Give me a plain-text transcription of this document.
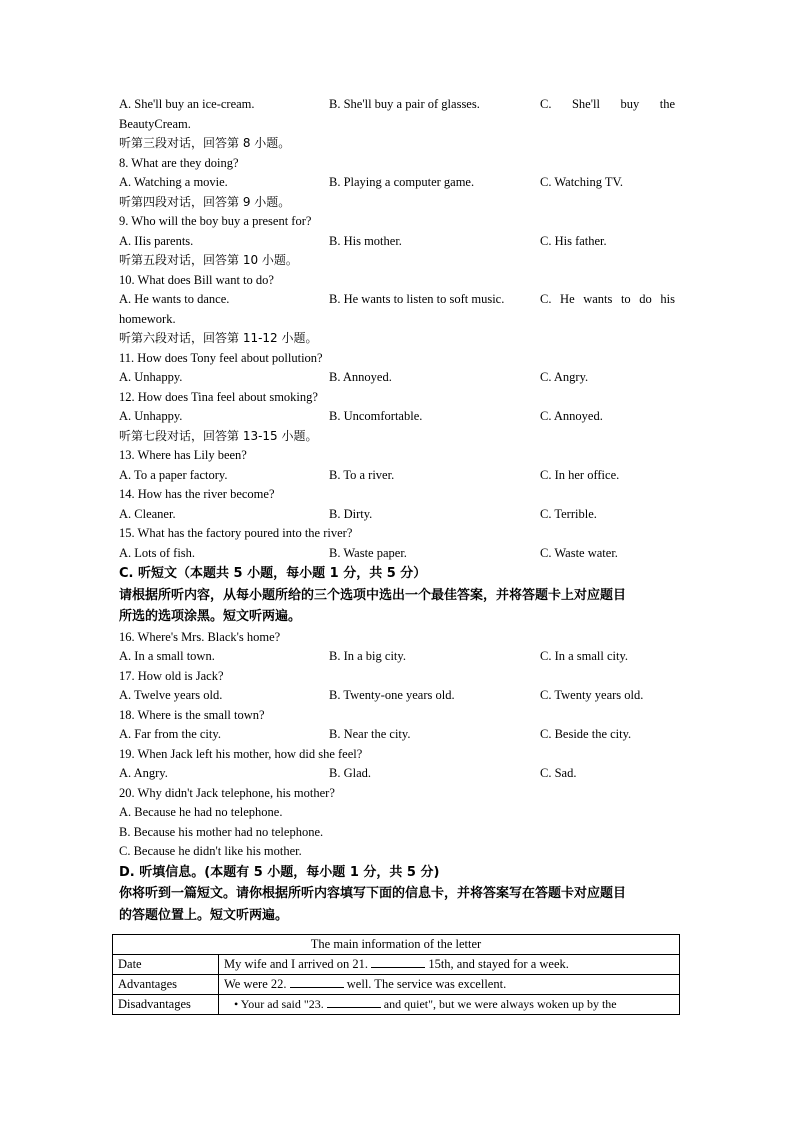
A. She'll buy an ice-cream.	B. She'll buy a pair of glasses.	C. She'll buy the
BeautyCream.
听第三段对话，回答第 8 小题。
8. What are they doing?
A. Watching a movie.	B. Playing a computer game.	C. Watching TV.
听第四段对话，回答第 9 小题。
9. Who will the boy buy a present for?
A. IIis parents.	B. His mother.	C. His father.
听第五段对话，回答第 10 小题。
10. What does Bill want to do?
A. He wants to dance.	B. He wants to listen to soft music.	C. He wants to do his
homework.
听第六段对话，回答第 11-12 小题。
11. How does Tony feel about pollution?
A. Unhappy.	B. Annoyed.	C. Angry.
12. How does Tina feel about smoking?
A. Unhappy.	B. Uncomfortable.	C. Annoyed.
听第七段对话，回答第 13-15 小题。
13. Where has Lily been?
A. To a paper factory.	B. To a river.	C. In her office.
14. How has the river become?
A. Cleaner.	B. Dirty.	C. Terrible.
15. What has the factory poured into the river?
A. Lots of fish.	B. Waste paper.	C. Waste water.
C. 听短文（本题共 5 小题，每小题 1 分，共 5 分）
请根据所听内容，从每小题所给的三个选项中选出一个最佳答案，并将答题卡上对应题目
所选的选项涂黑。短文听两遍。
16. Where's Mrs. Black's home?
A. In a small town.	B. In a big city.	C. In a small city.
17. How old is Jack?
A. Twelve years old.	B. Twenty-one years old.	C. Twenty years old.
18. Where is the small town?
A. Far from the city.	B. Near the city.	C. Beside the city.
19. When Jack left his mother, how did she feel?
A. Angry.	B. Glad.	C. Sad.
20. Why didn't Jack telephone, his mother?
A. Because he had no telephone.
B. Because his mother had no telephone.
C. Because he didn't like his mother.
D. 听填信息。(本题有 5 小题，每小题 1 分，共 5 分)
你将听到一篇短文。请你根据所听内容填写下面的信息卡，并将答案写在答题卡对应题目
的答题位置上。短文听两遍。
The main information of the letter	
Date	My wife and I arrived on 21. 15th, and stayed for a week.
Advantages	We were 22. well. The service was excellent.
Disadvantages	• Your ad said "23. and quiet", but we were always woken up by the
